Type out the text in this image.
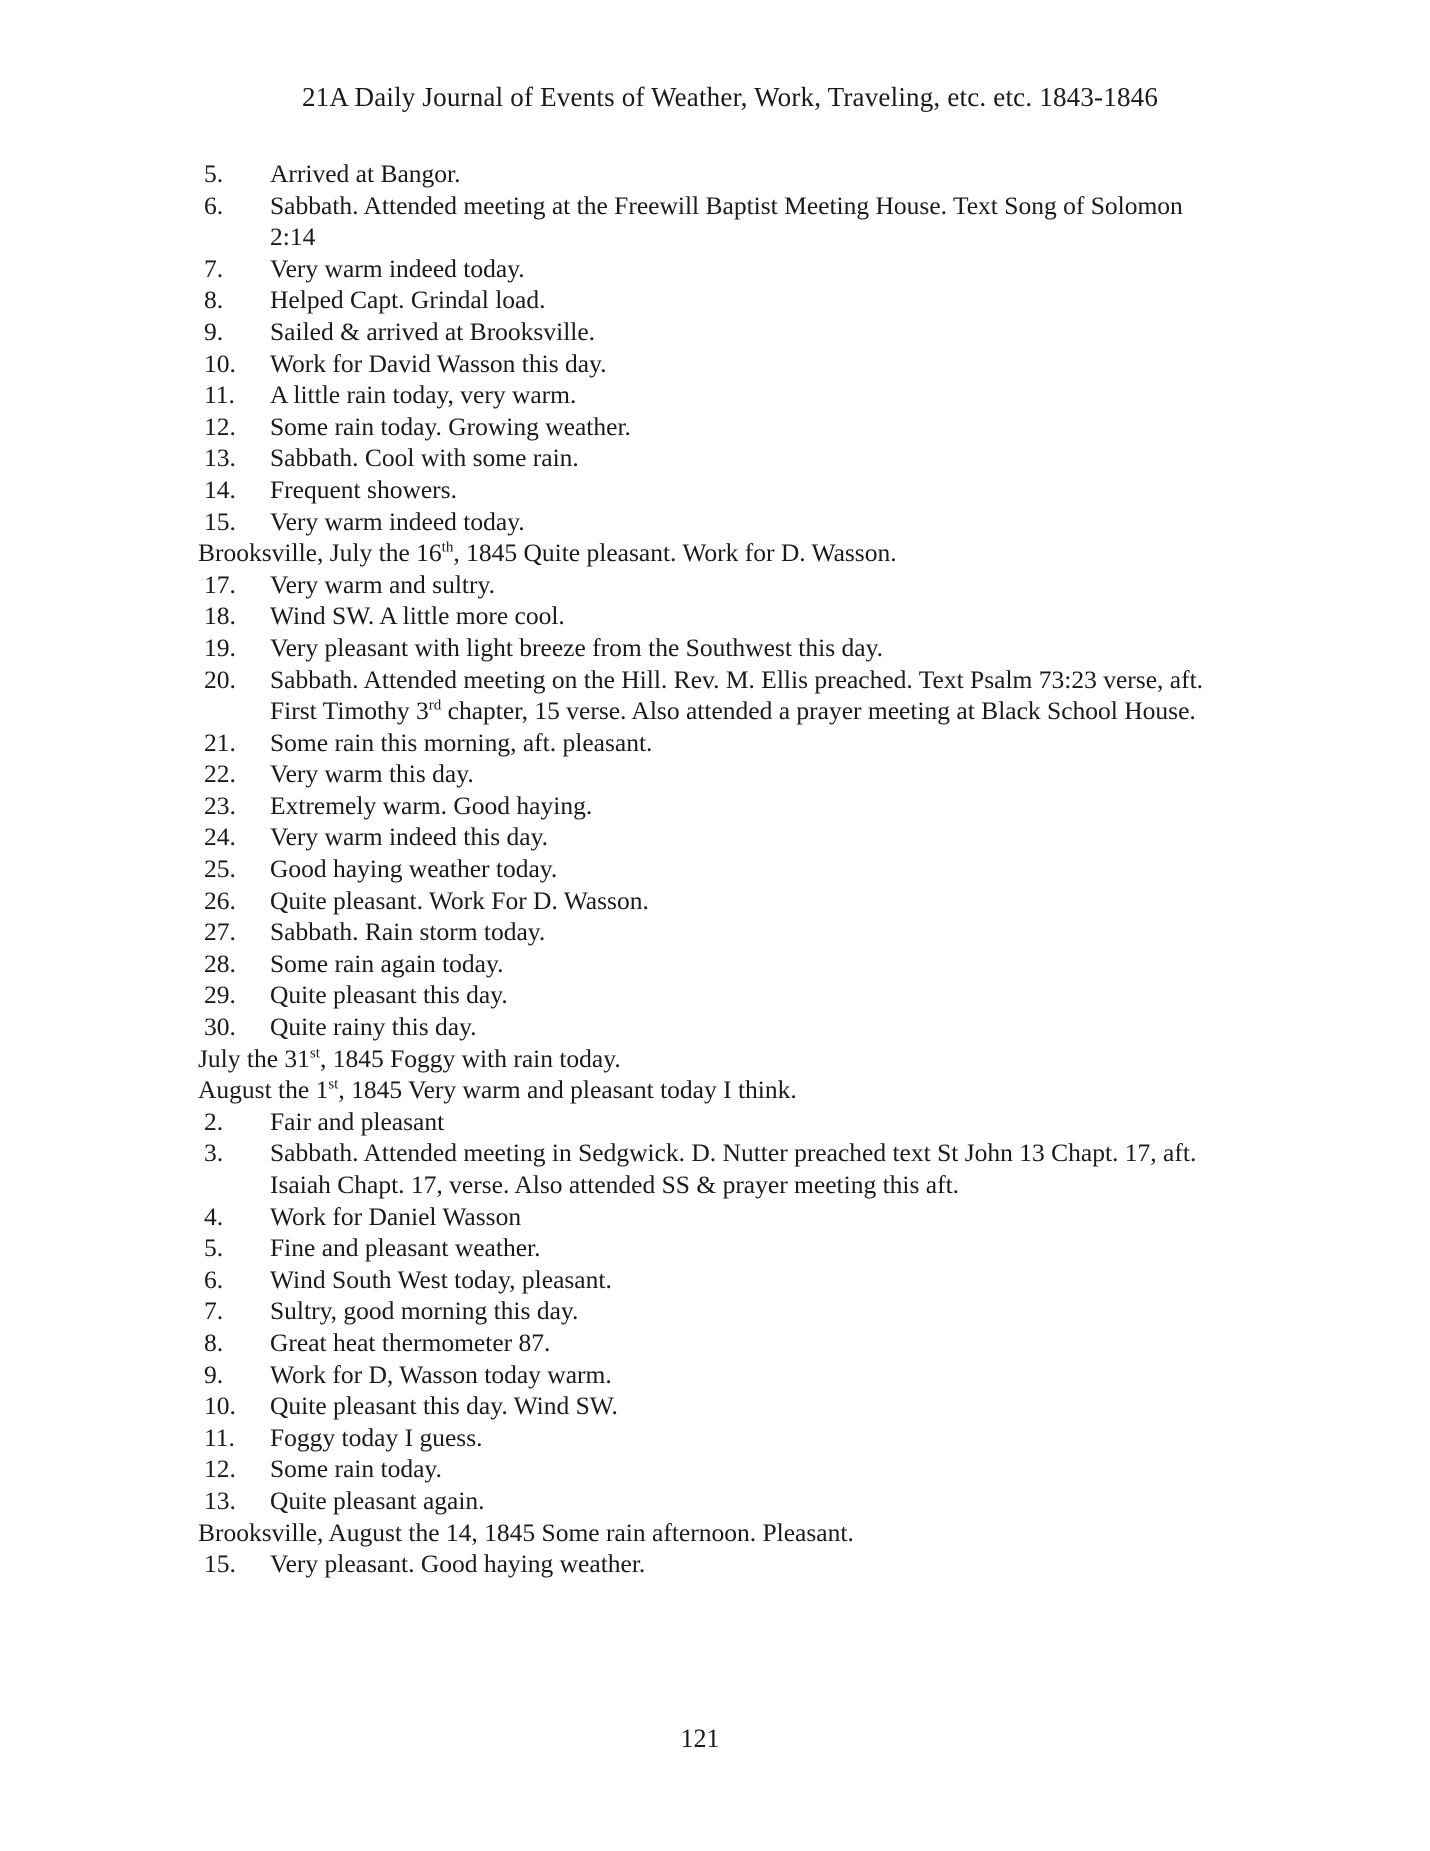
21A Daily Journal of Events of Weather, Work, Traveling, etc. etc. 1843-1846
5. Arrived at Bangor.
6. Sabbath. Attended meeting at the Freewill Baptist Meeting House. Text Song of Solomon 2:14
7. Very warm indeed today.
8. Helped Capt. Grindal load.
9. Sailed & arrived at Brooksville.
10. Work for David Wasson this day.
11. A little rain today, very warm.
12. Some rain today. Growing weather.
13. Sabbath. Cool with some rain.
14. Frequent showers.
15. Very warm indeed today.
Brooksville, July the 16th, 1845 Quite pleasant. Work for D. Wasson.
17. Very warm and sultry.
18. Wind SW. A little more cool.
19. Very pleasant with light breeze from the Southwest this day.
20. Sabbath. Attended meeting on the Hill. Rev. M. Ellis preached. Text Psalm 73:23 verse, aft. First Timothy 3rd chapter, 15 verse. Also attended a prayer meeting at Black School House.
21. Some rain this morning, aft. pleasant.
22. Very warm this day.
23. Extremely warm. Good haying.
24. Very warm indeed this day.
25. Good haying weather today.
26. Quite pleasant. Work For D. Wasson.
27. Sabbath. Rain storm today.
28. Some rain again today.
29. Quite pleasant this day.
30. Quite rainy this day.
July the 31st, 1845 Foggy with rain today.
August the 1st, 1845 Very warm and pleasant today I think.
2. Fair and pleasant
3. Sabbath. Attended meeting in Sedgwick. D. Nutter preached text St John 13 Chapt. 17, aft. Isaiah Chapt. 17, verse. Also attended SS & prayer meeting this aft.
4. Work for Daniel Wasson
5. Fine and pleasant weather.
6. Wind South West today, pleasant.
7. Sultry, good morning this day.
8. Great heat thermometer 87.
9. Work for D, Wasson today warm.
10. Quite pleasant this day. Wind SW.
11. Foggy today I guess.
12. Some rain today.
13. Quite pleasant again.
Brooksville, August the 14, 1845 Some rain afternoon. Pleasant.
15. Very pleasant. Good haying weather.
121
